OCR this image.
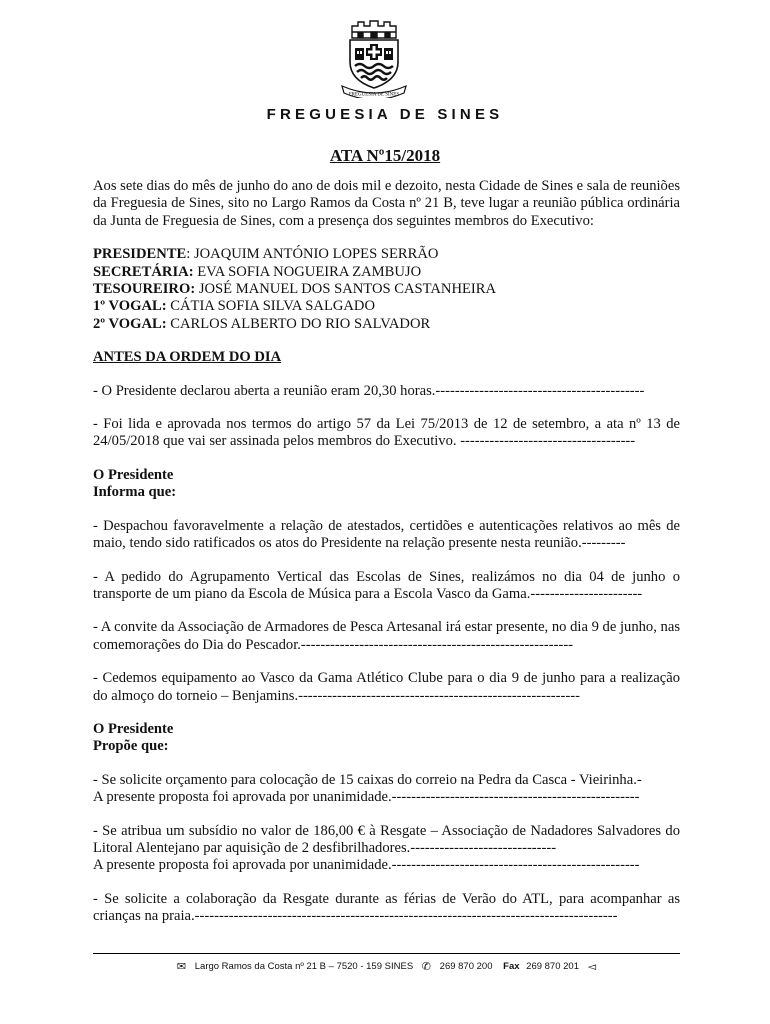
FREGUESIA DE SINES
FREGUESIA DE SINES
ATA Nº15/2018

Aos sete dias do mês de junho do ano de dois mil e dezoito, nesta Cidade de Sines e sala de reuniões da Freguesia de Sines, sito no Largo Ramos da Costa nº 21 B, teve lugar a reunião pública ordinária da Junta de Freguesia de Sines, com a presença dos seguintes membros do Executivo:

PRESIDENTE: JOAQUIM ANTÓNIO LOPES SERRÃO
SECRETÁRIA: EVA SOFIA NOGUEIRA ZAMBUJO
TESOUREIRO: JOSÉ MANUEL DOS SANTOS CASTANHEIRA
1º VOGAL: CÁTIA SOFIA SILVA SALGADO
2º VOGAL: CARLOS ALBERTO DO RIO SALVADOR

ANTES DA ORDEM DO DIA

- O Presidente declarou aberta a reunião eram 20,30 horas.-------------------------------------------

- Foi lida e aprovada nos termos do artigo 57 da Lei 75/2013 de 12 de setembro, a ata nº 13 de 24/05/2018 que vai ser assinada pelos membros do Executivo. ------------------------------------

O Presidente

Informa que:

- Despachou favoravelmente a relação de atestados, certidões e autenticações relativos ao mês de maio, tendo sido ratificados os atos do Presidente na relação presente nesta reunião.---------

- A pedido do Agrupamento Vertical das Escolas de Sines, realizámos no dia 04 de junho o transporte de um piano da Escola de Música para a Escola Vasco da Gama.-----------------------

- A convite da Associação de Armadores de Pesca Artesanal irá estar presente, no dia 9 de junho, nas comemorações do Dia do Pescador.--------------------------------------------------------

- Cedemos equipamento ao Vasco da Gama Atlético Clube para o dia 9 de junho para a realização do almoço do torneio – Benjamins.----------------------------------------------------------

O Presidente

Propõe que:

- Se solicite orçamento para colocação de 15 caixas do correio na Pedra da Casca - Vieirinha.-

A presente proposta foi aprovada por unanimidade.---------------------------------------------------

- Se atribua um subsídio no valor de 186,00 € à Resgate – Associação de Nadadores Salvadores do Litoral Alentejano par aquisição de 2 desfibrilhadores.------------------------------

A presente proposta foi aprovada por unanimidade.---------------------------------------------------

- Se solicite a colaboração da Resgate durante as férias de Verão do ATL, para acompanhar as crianças na praia.---------------------------------------------------------------------------------------

✉ Largo Ramos da Costa nº 21 B – 7520 - 159 SINES ✆ 269 870 200 Fax 269 870 201 ◅
